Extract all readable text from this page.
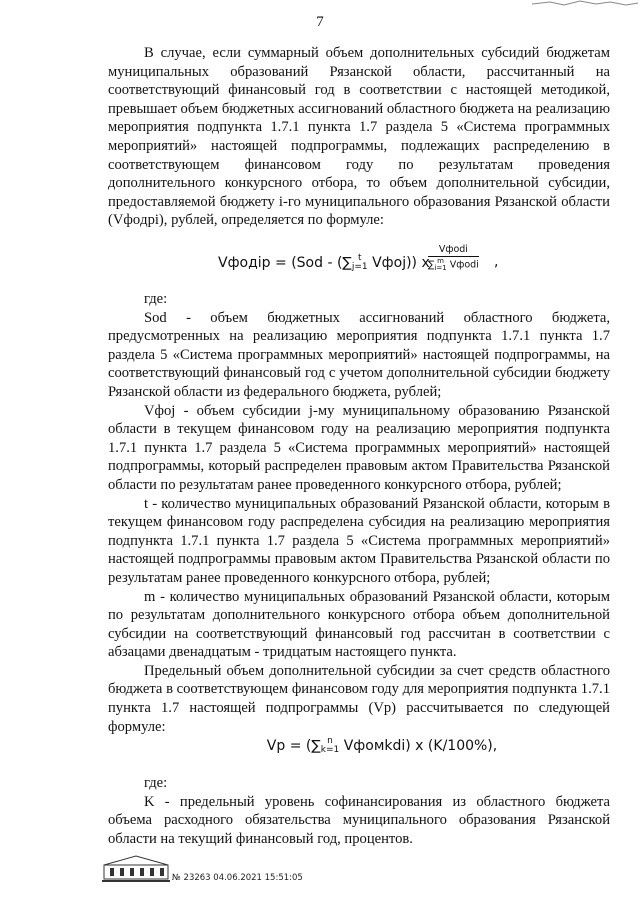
7

В случае, если суммарный объем дополнительных субсидий бюджетам муниципальных образований Рязанской области, рассчитанный на соответствующий финансовый год в соответствии с настоящей методикой, превышает объем бюджетных ассигнований областного бюджета на реализацию мероприятия подпункта 1.7.1 пункта 1.7 раздела 5 «Система программных мероприятий» настоящей подпрограммы, подлежащих распределению в соответствующем финансовом году по результатам проведения дополнительного конкурсного отбора, то объем дополнительной субсидии, предоставляемой бюджету i-го муниципального образования Рязанской области (Vфoдpi), рублей, определяется по формуле:

Vфoдip = (Sod - (∑ t
j=1 Vфoj)) x
Vфodi
∑ m
i=1 Vфodi ,

где:

Sod - объем бюджетных ассигнований областного бюджета, предусмотренных на реализацию мероприятия подпункта 1.7.1 пункта 1.7 раздела 5 «Система программных мероприятий» настоящей подпрограммы, на соответствующий финансовый год с учетом дополнительной субсидии бюджету Рязанской области из федерального бюджета, рублей;

Vфoj - объем субсидии j-му муниципальному образованию Рязанской области в текущем финансовом году на реализацию мероприятия подпункта 1.7.1 пункта 1.7 раздела 5 «Система программных мероприятий» настоящей подпрограммы, который распределен правовым актом Правительства Рязанской области по результатам ранее проведенного конкурсного отбора, рублей;

t - количество муниципальных образований Рязанской области, которым в текущем финансовом году распределена субсидия на реализацию мероприятия подпункта 1.7.1 пункта 1.7 раздела 5 «Система программных мероприятий» настоящей подпрограммы правовым актом Правительства Рязанской области по результатам ранее проведенного конкурсного отбора, рублей;

m - количество муниципальных образований Рязанской области, которым по результатам дополнительного конкурсного отбора объем дополнительной субсидии на соответствующий финансовый год рассчитан в соответствии с абзацами двенадцатым - тридцатым настоящего пункта.

Предельный объем дополнительной субсидии за счет средств областного бюджета в соответствующем финансовом году для мероприятия подпункта 1.7.1 пункта 1.7 настоящей подпрограммы (Vp) рассчитывается по следующей формуле:

Vp = (∑ n
k=1 Vфoмkdi) x (K/100%),

где:

K - предельный уровень софинансирования из областного бюджета объема расходного обязательства муниципального образования Рязанской области на текущий финансовый год, процентов.

№ 23263 04.06.2021 15:51:05
